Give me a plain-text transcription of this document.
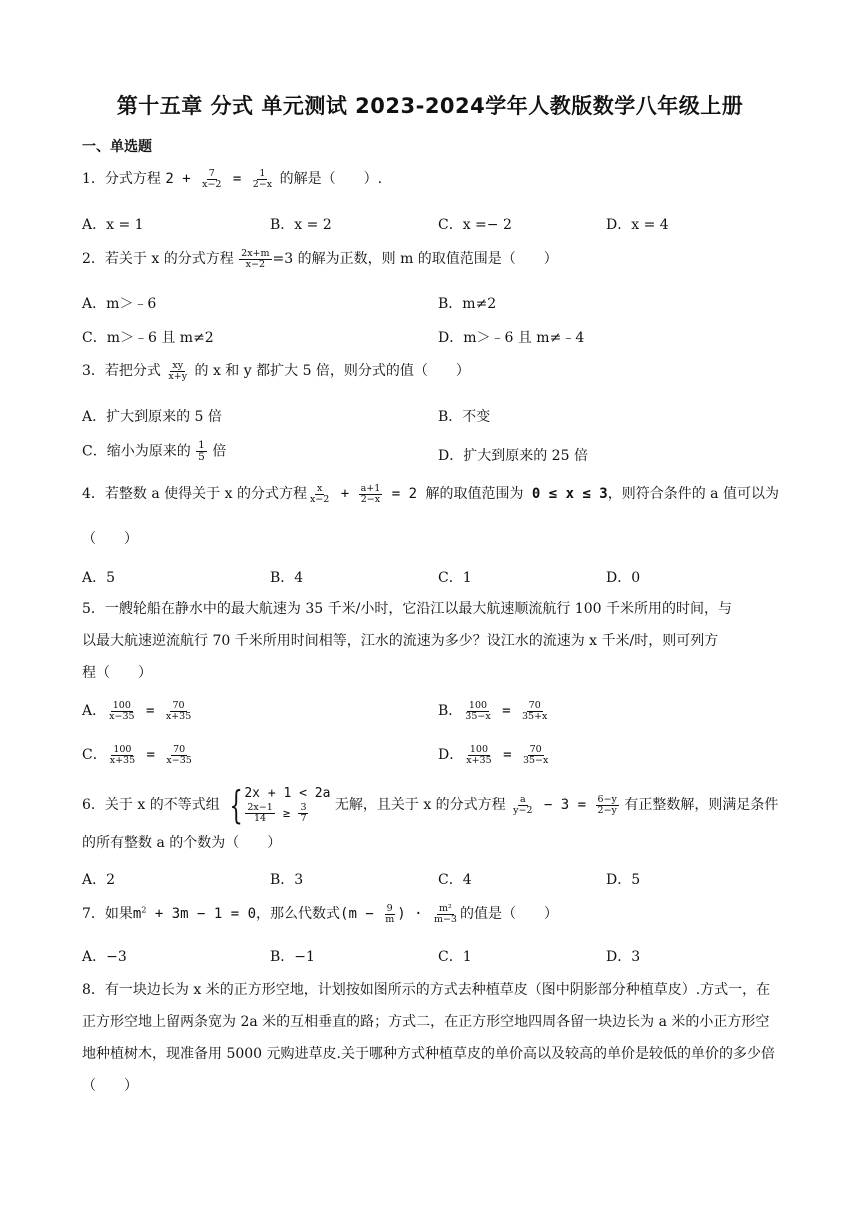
第十五章 分式 单元测试 2023-2024学年人教版数学八年级上册
一、单选题
1．分式方程 $2 + \frac{7}{x-2} = \frac{1}{2-x}$ 的解是（　　）.
A．x = 1	B．x = 2	C．x =− 2	D．x = 4
2．若关于 x 的分式方程 $\frac{2x+m}{x-2} =3$ 的解为正数，则 m 的取值范围是（　　）
A．m＞﹣6	B．m≠2
C．m＞﹣6 且 m≠2	D．m＞﹣6 且 m≠﹣4
3．若把分式 $\frac{xy}{x+y}$ 的 x 和 y 都扩大 5 倍，则分式的值（　　）
A．扩大到原来的 5 倍	B．不变
C．缩小为原来的 $\frac{1}{5}$ 倍	D．扩大到原来的 25 倍
4．若整数 a 使得关于 x 的分式方程 $\frac{x}{x-2} + \frac{a+1}{2-x} = 2$ 解的取值范围为 0 ≤ x ≤ 3，则符合条件的 a 值可以为
（　　）
A．5	B．4	C．1	D．0
5．一艘轮船在静水中的最大航速为 35 千米/小时，它沿江以最大航速顺流航行 100 千米所用的时间，与
以最大航速逆流航行 70 千米所用时间相等，江水的流速为多少？设江水的流速为 x 千米/时，则可列方
程（　　）
A． $\frac{100}{x-35} = \frac{70}{x+35}$	B． $\frac{100}{35-x} = \frac{70}{35+x}$
C． $\frac{100}{x+35} = \frac{70}{x-35}$	D． $\frac{100}{x+35} = \frac{70}{35-x}$
6．关于 x 的不等式组 { 2x + 1 < 2a
$\frac{2x-1}{14} \ge \frac{3}{7}$ 无解，且关于 x 的分式方程 $\frac{a}{y-2} - 3 = \frac{6-y}{2-y}$ 有正整数解，则满足条件
的所有整数 a 的个数为（　　）
A．2	B．3	C．4	D．5
7．如果$m^2 + 3m - 1 = 0$，那么代数式($m - \frac{9}{m}$ ) · $\frac{\text{m²}}{m-3}$ 的值是（　　）
A．−3	B．−1	C．1	D．3
8．有一块边长为 x 米的正方形空地，计划按如图所示的方式去种植草皮（图中阴影部分种植草皮）.方式一，在正方形空地上留两条宽为 2a 米的互相垂直的路；方式二，在正方形空地四周各留一块边长为 a 米的小正方形空地种植树木，现准备用 5000 元购进草皮.关于哪种方式种植草皮的单价高以及较高的单价是较低的单价的多少倍（　　）
